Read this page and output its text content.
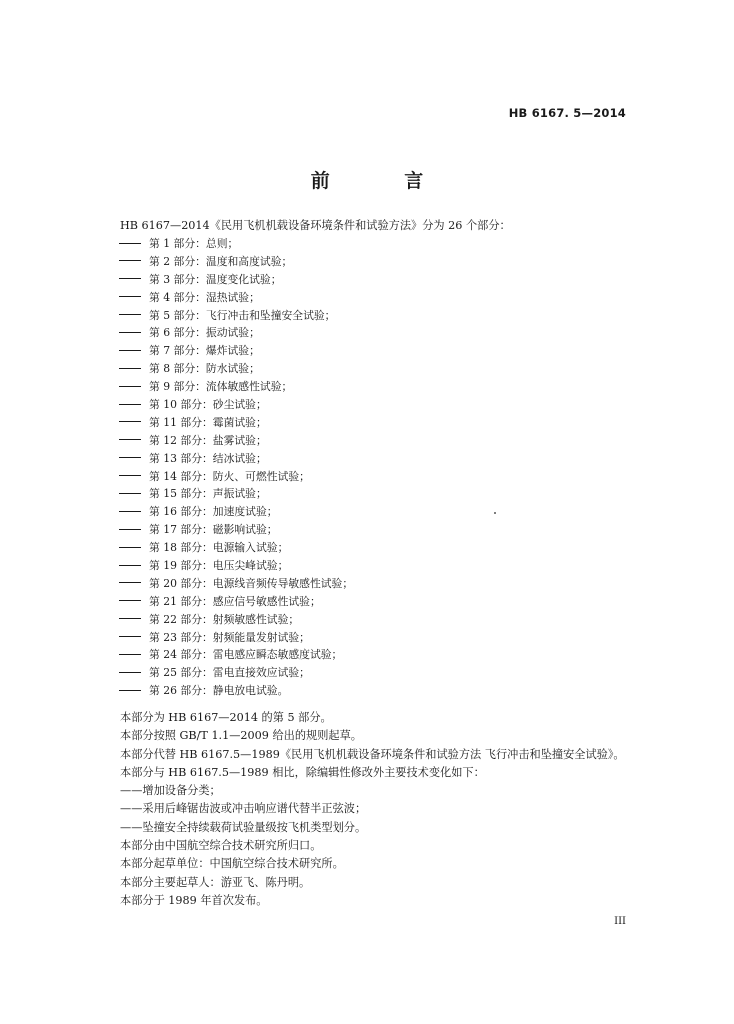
HB 6167. 5—2014
前 言
HB 6167—2014《民用飞机机载设备环境条件和试验方法》分为 26 个部分：
第 1 部分：总则；
第 2 部分：温度和高度试验；
第 3 部分：温度变化试验；
第 4 部分：湿热试验；
第 5 部分：飞行冲击和坠撞安全试验；
第 6 部分：振动试验；
第 7 部分：爆炸试验；
第 8 部分：防水试验；
第 9 部分：流体敏感性试验；
第 10 部分：砂尘试验；
第 11 部分：霉菌试验；
第 12 部分：盐雾试验；
第 13 部分：结冰试验；
第 14 部分：防火、可燃性试验；
第 15 部分：声振试验；
第 16 部分：加速度试验；
第 17 部分：磁影响试验；
第 18 部分：电源输入试验；
第 19 部分：电压尖峰试验；
第 20 部分：电源线音频传导敏感性试验；
第 21 部分：感应信号敏感性试验；
第 22 部分：射频敏感性试验；
第 23 部分：射频能量发射试验；
第 24 部分：雷电感应瞬态敏感度试验；
第 25 部分：雷电直接效应试验；
第 26 部分：静电放电试验。
本部分为 HB 6167—2014 的第 5 部分。
本部分按照 GB/T 1.1—2009 给出的规则起草。
本部分代替 HB 6167.5—1989《民用飞机机载设备环境条件和试验方法 飞行冲击和坠撞安全试验》。
本部分与 HB 6167.5—1989 相比，除编辑性修改外主要技术变化如下：
——增加设备分类；
——采用后峰锯齿波或冲击响应谱代替半正弦波；
——坠撞安全持续载荷试验量级按飞机类型划分。
本部分由中国航空综合技术研究所归口。
本部分起草单位：中国航空综合技术研究所。
本部分主要起草人：游亚飞、陈丹明。
本部分于 1989 年首次发布。
III
